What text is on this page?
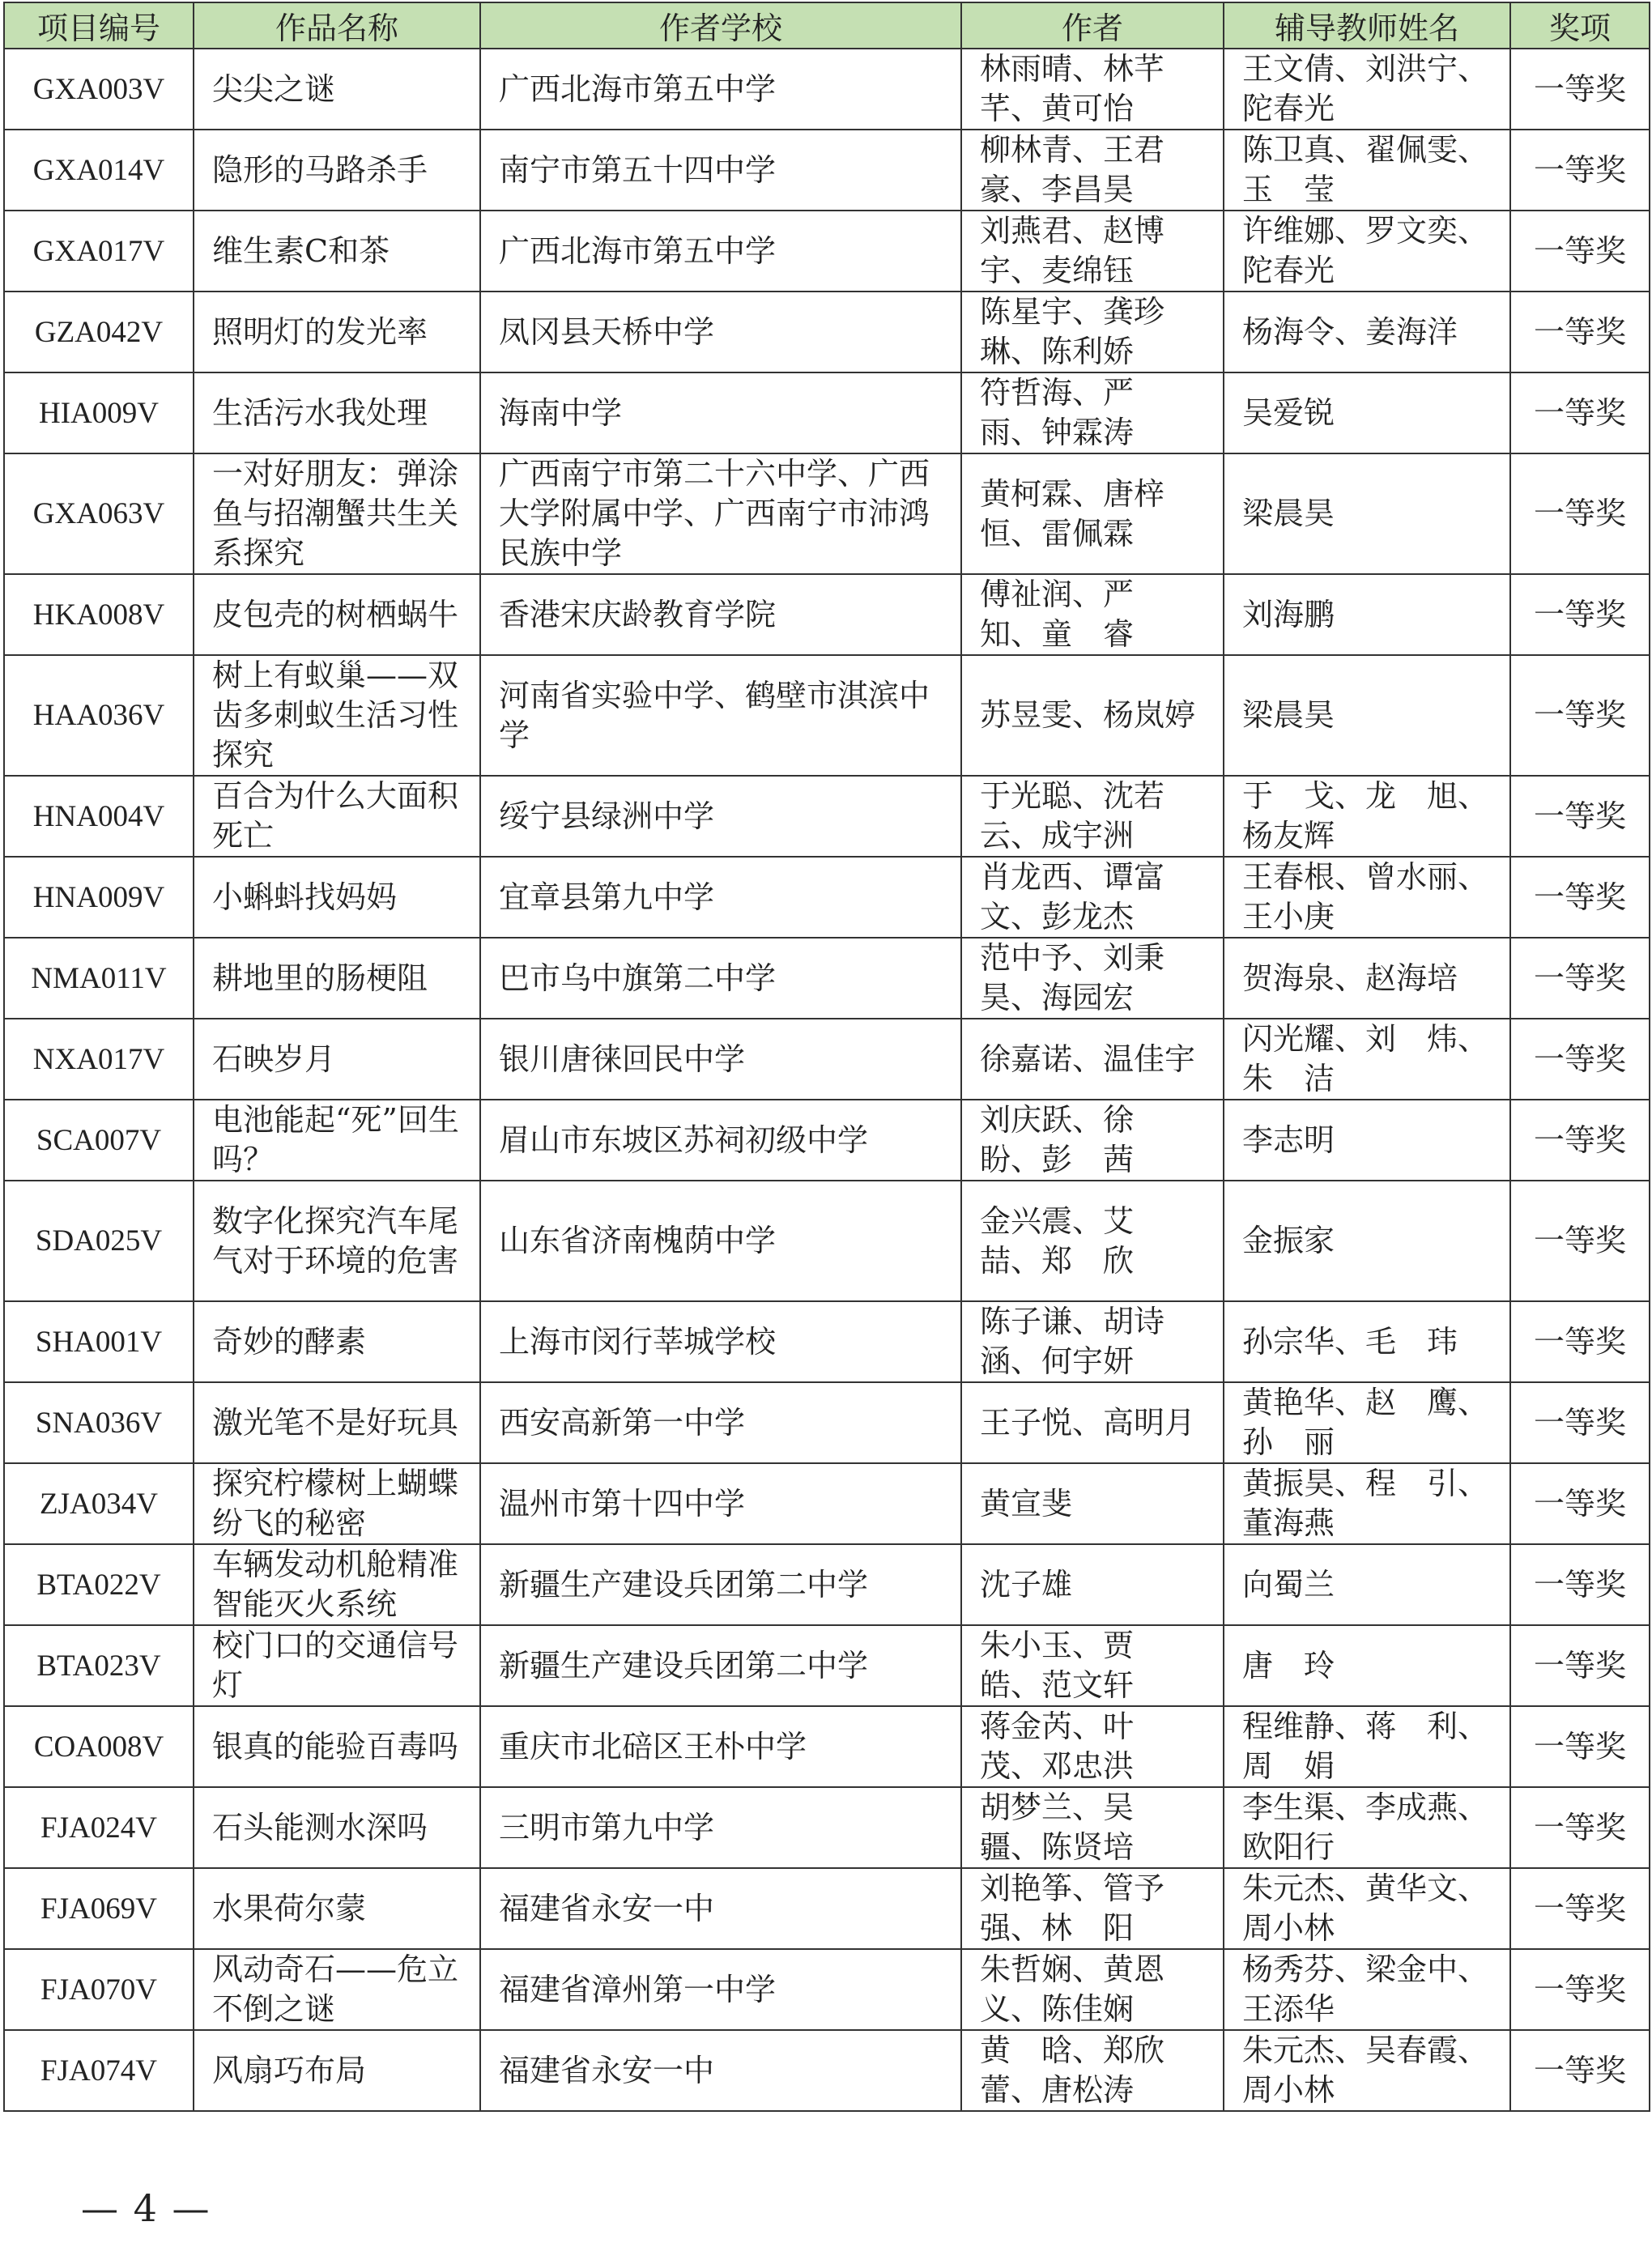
项目编号	作品名称	作者学校	作者	辅导教师姓名	奖项
GXA003V	尖尖之谜	广西北海市第五中学	林雨晴、林芊芊、黄可怡	王文倩、刘洪宁、陀春光	一等奖
GXA014V	隐形的马路杀手	南宁市第五十四中学	柳林青、王君豪、李昌昊	陈卫真、翟佩雯、玉　莹	一等奖
GXA017V	维生素C和茶	广西北海市第五中学	刘燕君、赵博宇、麦绵钰	许维娜、罗文奕、陀春光	一等奖
GZA042V	照明灯的发光率	凤冈县天桥中学	陈星宇、龚珍琳、陈利娇	杨海令、姜海洋	一等奖
HIA009V	生活污水我处理	海南中学	符哲海、严　雨、钟霖涛	吴爱锐	一等奖
GXA063V	一对好朋友：弹涂鱼与招潮蟹共生关系探究	广西南宁市第二十六中学、广西大学附属中学、广西南宁市沛鸿民族中学	黄柯霖、唐梓恒、雷佩霖	梁晨昊	一等奖
HKA008V	皮包壳的树栖蜗牛	香港宋庆龄教育学院	傅祉润、严　知、童　睿	刘海鹏	一等奖
HAA036V	树上有蚁巢——双齿多刺蚁生活习性探究	河南省实验中学、鹤壁市淇滨中学	苏昱雯、杨岚婷	梁晨昊	一等奖
HNA004V	百合为什么大面积死亡	绥宁县绿洲中学	于光聪、沈若云、成宇洲	于　戈、龙　旭、杨友辉	一等奖
HNA009V	小蝌蚪找妈妈	宜章县第九中学	肖龙西、谭富文、彭龙杰	王春根、曾水丽、王小庚	一等奖
NMA011V	耕地里的肠梗阻	巴市乌中旗第二中学	范中予、刘秉昊、海园宏	贺海泉、赵海培	一等奖
NXA017V	石映岁月	银川唐徕回民中学	徐嘉诺、温佳宇	闪光耀、刘　炜、朱　洁	一等奖
SCA007V	电池能起“死”回生吗？	眉山市东坡区苏祠初级中学	刘庆跃、徐　盼、彭　茜	李志明	一等奖
SDA025V	数字化探究汽车尾气对于环境的危害	山东省济南槐荫中学	金兴震、艾　喆、郑　欣	金振家	一等奖
SHA001V	奇妙的酵素	上海市闵行莘城学校	陈子谦、胡诗涵、何宇妍	孙宗华、毛　玮	一等奖
SNA036V	激光笔不是好玩具	西安高新第一中学	王子悦、高明月	黄艳华、赵　鹰、孙　丽	一等奖
ZJA034V	探究柠檬树上蝴蝶纷飞的秘密	温州市第十四中学	黄宣斐	黄振昊、程　引、董海燕	一等奖
BTA022V	车辆发动机舱精准智能灭火系统	新疆生产建设兵团第二中学	沈子雄	向蜀兰	一等奖
BTA023V	校门口的交通信号灯	新疆生产建设兵团第二中学	朱小玉、贾　皓、范文轩	唐　玲	一等奖
COA008V	银真的能验百毒吗	重庆市北碚区王朴中学	蒋金芮、叶　茂、邓忠洪	程维静、蒋　利、周　娟	一等奖
FJA024V	石头能测水深吗	三明市第九中学	胡梦兰、吴　疆、陈贤培	李生渠、李成燕、欧阳行	一等奖
FJA069V	水果荷尔蒙	福建省永安一中	刘艳筝、管予强、林　阳	朱元杰、黄华文、周小林	一等奖
FJA070V	风动奇石——危立不倒之谜	福建省漳州第一中学	朱哲娴、黄恩义、陈佳娴	杨秀芬、梁金中、王添华	一等奖
FJA074V	风扇巧布局	福建省永安一中	黄　晗、郑欣蕾、唐松涛	朱元杰、吴春霞、周小林	一等奖
— 4 —
